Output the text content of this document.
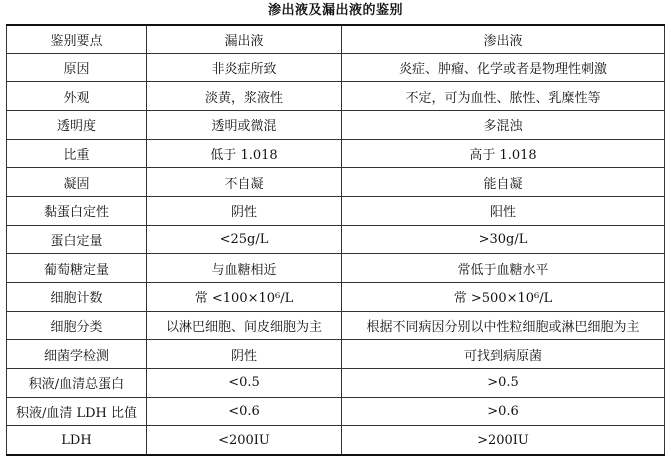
渗出液及漏出液的鉴别
鉴别要点	漏出液	渗出液
原因	非炎症所致	炎症、肿瘤、化学或者是物理性刺激
外观	淡黄，浆液性	不定，可为血性、脓性、乳糜性等
透明度	透明或微混	多混浊
比重	低于 1.018	高于 1.018
凝固	不自凝	能自凝
黏蛋白定性	阴性	阳性
蛋白定量	<25g/L	>30g/L
葡萄糖定量	与血糖相近	常低于血糖水平
细胞计数	常 <100×10⁶/L	常 >500×10⁶/L
细胞分类	以淋巴细胞、间皮细胞为主	根据不同病因分别以中性粒细胞或淋巴细胞为主
细菌学检测	阴性	可找到病原菌
积液/血清总蛋白	<0.5	>0.5
积液/血清 LDH 比值	<0.6	>0.6
LDH	<200IU	>200IU
